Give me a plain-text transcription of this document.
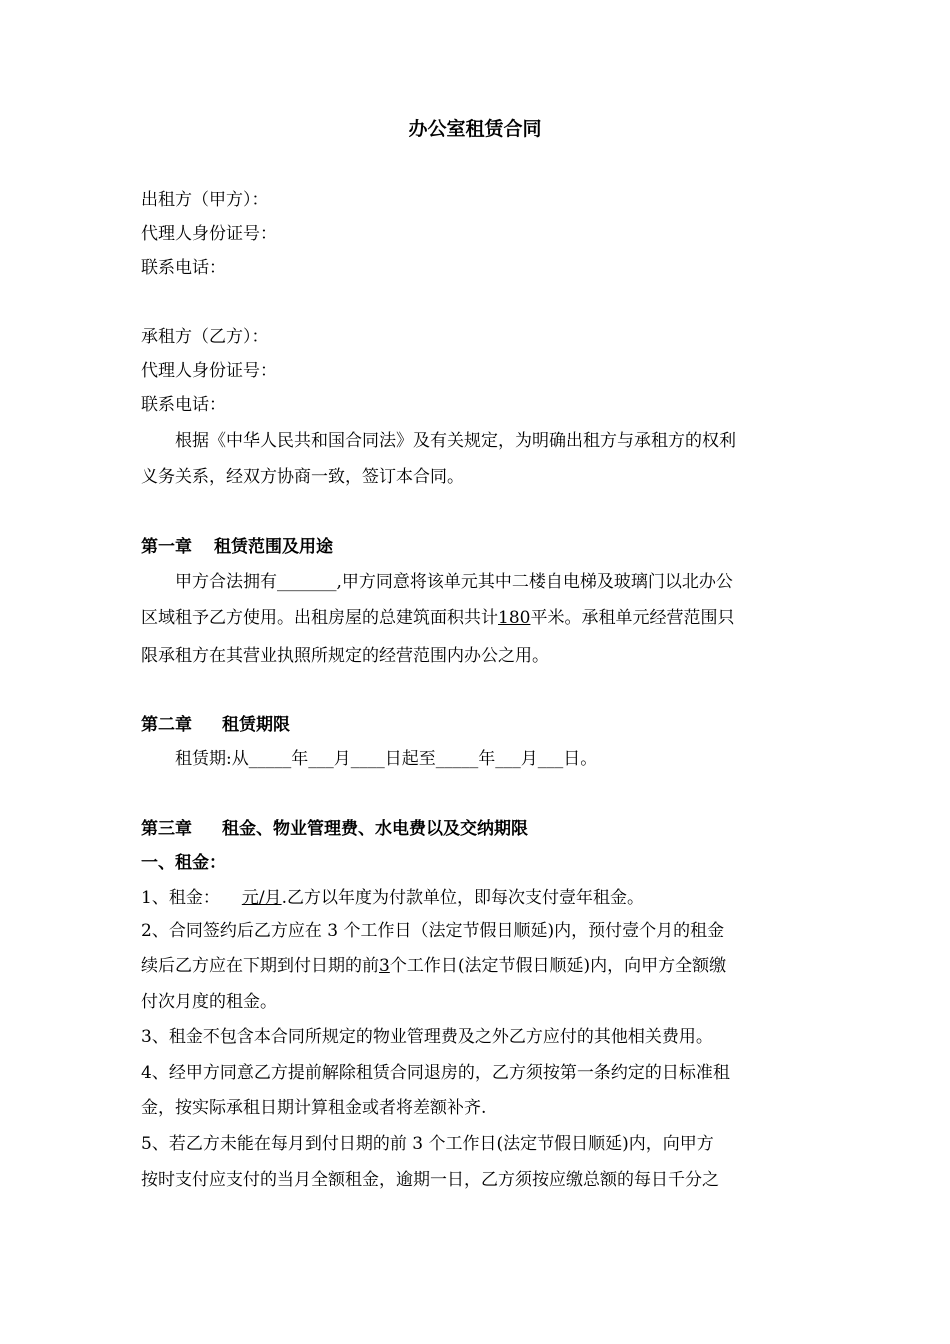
办公室租赁合同
出租方（甲方）：
代理人身份证号：
联系电话：
承租方（乙方）：
代理人身份证号：
联系电话：
根据《中华人民共和国合同法》及有关规定，为明确出租方与承租方的权利
义务关系，经双方协商一致，签订本合同。
第一章 租赁范围及用途
甲方合法拥有_______,甲方同意将该单元其中二楼自电梯及玻璃门以北办公
区域租予乙方使用。出租房屋的总建筑面积共计180平米。承租单元经营范围只
限承租方在其营业执照所规定的经营范围内办公之用。
第二章 租赁期限
租赁期:从_____年___月____日起至_____年___月___日。
第三章 租金、物业管理费、水电费以及交纳期限
一、租金：
1、租金： 元/月.乙方以年度为付款单位，即每次支付壹年租金。
2、合同签约后乙方应在 3 个工作日（法定节假日顺延)内，预付壹个月的租金
续后乙方应在下期到付日期的前3个工作日(法定节假日顺延)内，向甲方全额缴
付次月度的租金。
3、租金不包含本合同所规定的物业管理费及之外乙方应付的其他相关费用。
4、经甲方同意乙方提前解除租赁合同退房的，乙方须按第一条约定的日标准租
金，按实际承租日期计算租金或者将差额补齐.
5、若乙方未能在每月到付日期的前 3 个工作日(法定节假日顺延)内，向甲方
按时支付应支付的当月全额租金，逾期一日，乙方须按应缴总额的每日千分之
